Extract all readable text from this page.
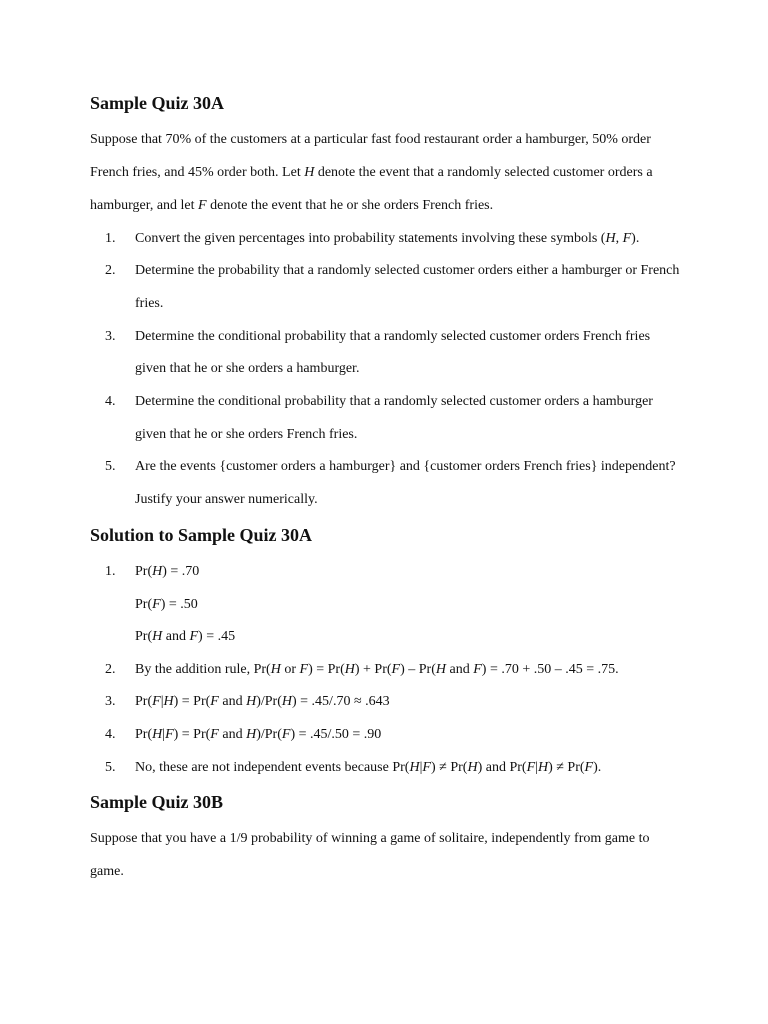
Sample Quiz 30A

Suppose that 70% of the customers at a particular fast food restaurant order a hamburger, 50% order

French fries, and 45% order both. Let H denote the event that a randomly selected customer orders a

hamburger, and let F denote the event that he or she orders French fries.

1. Convert the given percentages into probability statements involving these symbols (H, F).
2. Determine the probability that a randomly selected customer orders either a hamburger or French
fries.
3. Determine the conditional probability that a randomly selected customer orders French fries
given that he or she orders a hamburger.
4. Determine the conditional probability that a randomly selected customer orders a hamburger
given that he or she orders French fries.
5. Are the events {customer orders a hamburger} and {customer orders French fries} independent?
Justify your answer numerically.
Solution to Sample Quiz 30A
1. Pr(H) = .70
Pr(F) = .50
Pr(H and F) = .45
2. By the addition rule, Pr(H or F) = Pr(H) + Pr(F) – Pr(H and F) = .70 + .50 – .45 = .75.
3. Pr(F|H) = Pr(F and H)/Pr(H) = .45/.70 ≈ .643
4. Pr(H|F) = Pr(F and H)/Pr(F) = .45/.50 = .90
5. No, these are not independent events because Pr(H|F) ≠ Pr(H) and Pr(F|H) ≠ Pr(F).
Sample Quiz 30B

Suppose that you have a 1/9 probability of winning a game of solitaire, independently from game to

game.
